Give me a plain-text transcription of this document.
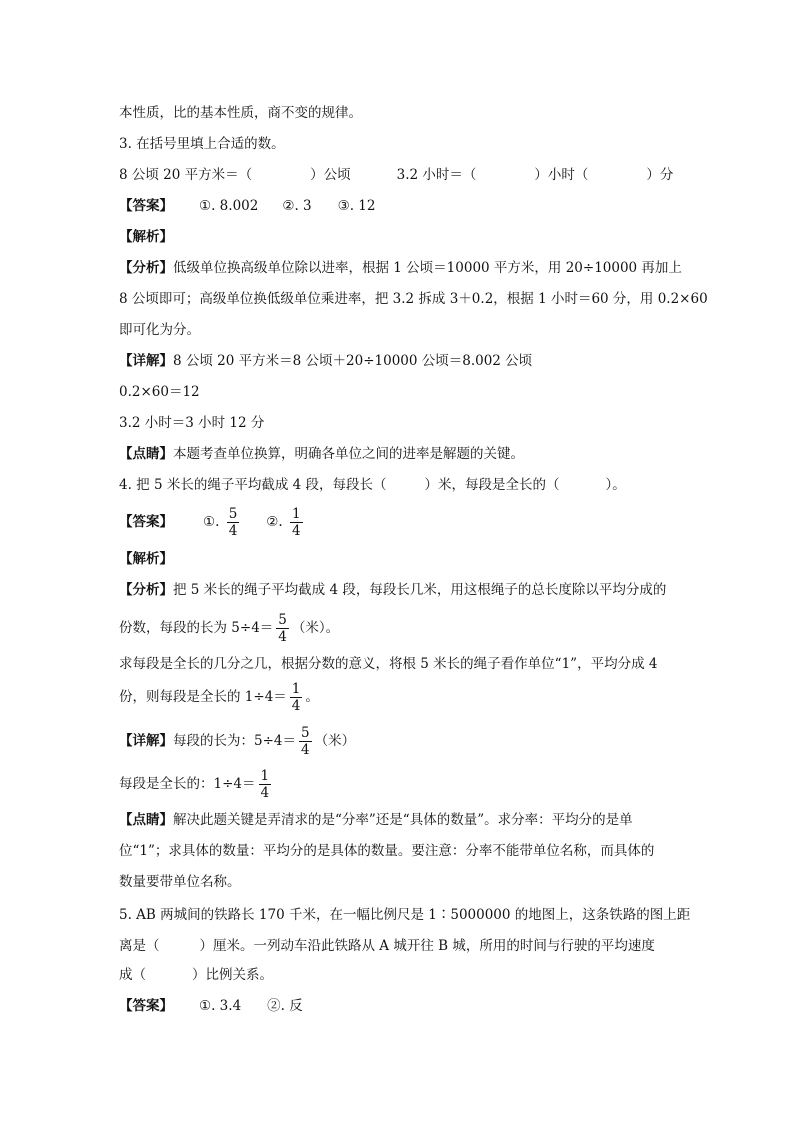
本性质，比的基本性质，商不变的规律。
3. 在括号里填上合适的数。
8 公顷 20 平方米＝（	）公顷	3.2 小时＝（	）小时（	）分
【答案】 ①. 8.002 ②. 3 ③. 12
【解析】
【分析】低级单位换高级单位除以进率，根据 1 公顷＝10000 平方米，用 20÷10000 再加上
8 公顷即可；高级单位换低级单位乘进率，把 3.2 拆成 3＋0.2，根据 1 小时＝60 分，用 0.2×60
即可化为分。
【详解】8 公顷 20 平方米＝8 公顷＋20÷10000 公顷＝8.002 公顷
0.2×60＝12
3.2 小时＝3 小时 12 分
【点睛】本题考查单位换算，明确各单位之间的进率是解题的关键。
4. 把 5 米长的绳子平均截成 4 段，每段长（	）米，每段是全长的（	）。
【答案】 ①. $\frac{5}{4}$ ②. $\frac{1}{4}$
【解析】
【分析】把 5 米长的绳子平均截成 4 段，每段长几米，用这根绳子的总长度除以平均分成的
份数，每段的长为 $5\div 4= \frac{5}{4}$ （米）。
求每段是全长的几分之几，根据分数的意义，将根 5 米长的绳子看作单位“1”，平均分成 4
份，则每段是全长的 $1\div 4= \frac{1}{4}$ 。
【详解】每段的长为：$5\div 4= \frac{5}{4}$ （米）
每段是全长的：$1\div 4= \frac{1}{4}$
【点睛】解决此题关键是弄清求的是“分率”还是“具体的数量”。求分率：平均分的是单
位“1”；求具体的数量：平均分的是具体的数量。要注意：分率不能带单位名称，而具体的
数量要带单位名称。
5. AB 两城间的铁路长 170 千米，在一幅比例尺是 1∶5000000 的地图上，这条铁路的图上距
离是（	）厘米。一列动车沿此铁路从 A 城开往 B 城，所用的时间与行驶的平均速度
成（	）比例关系。
【答案】 ①. 3.4 ②. 反
